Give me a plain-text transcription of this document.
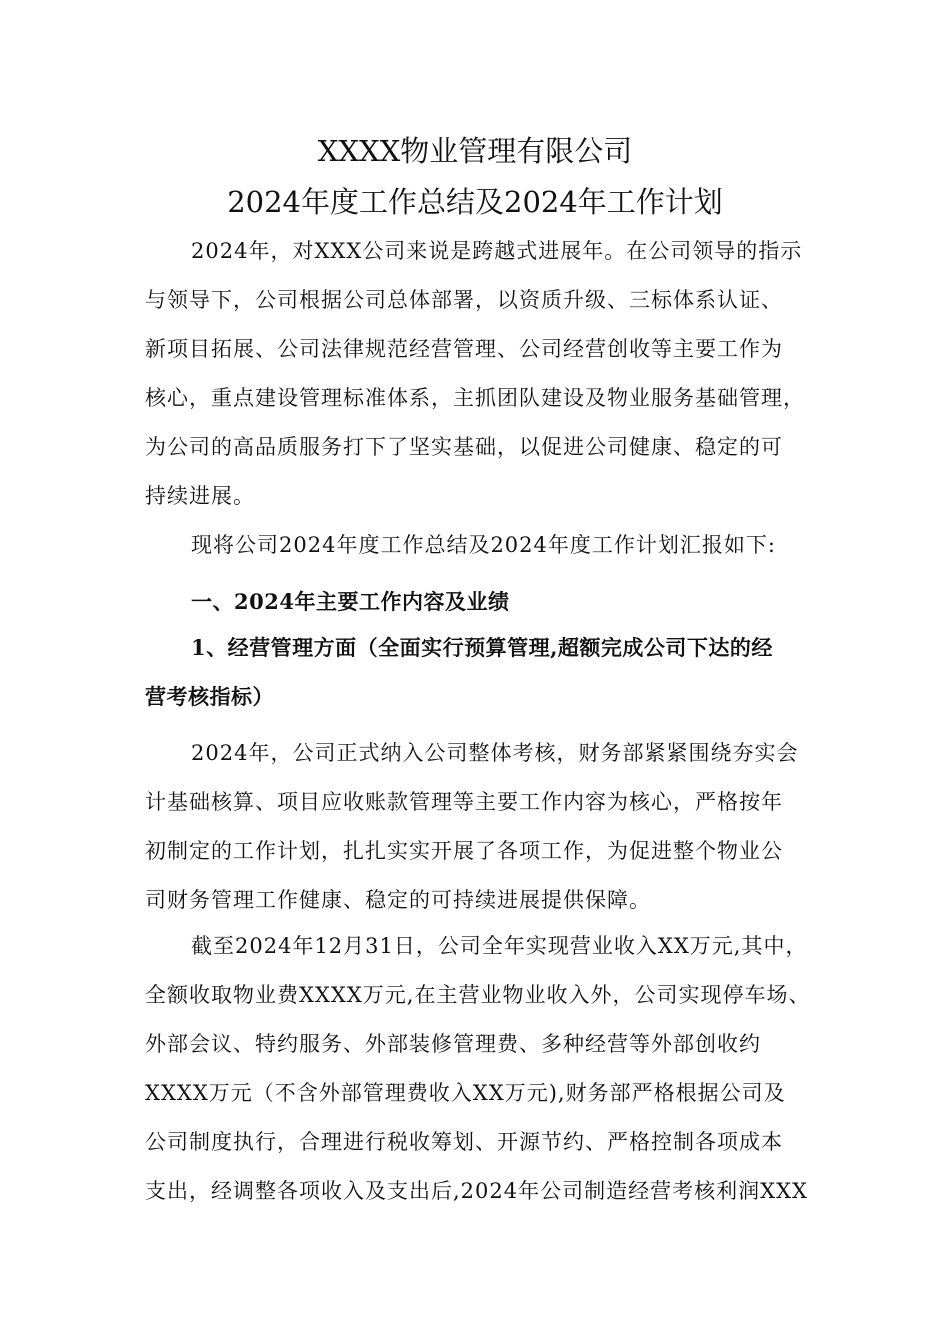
XXXX物业管理有限公司
2024年度工作总结及2024年工作计划
2024年，对XXX公司来说是跨越式进展年。在公司领导的指示
与领导下，公司根据公司总体部署，以资质升级、三标体系认证、
新项目拓展、公司法律规范经营管理、公司经营创收等主要工作为
核心，重点建设管理标准体系，主抓团队建设及物业服务基础管理，
为公司的高品质服务打下了坚实基础，以促进公司健康、稳定的可
持续进展。
现将公司2024年度工作总结及2024年度工作计划汇报如下:
一、2024年主要工作内容及业绩
1、经营管理方面（全面实行预算管理,超额完成公司下达的经
营考核指标）
2024年，公司正式纳入公司整体考核，财务部紧紧围绕夯实会
计基础核算、项目应收账款管理等主要工作内容为核心，严格按年
初制定的工作计划，扎扎实实开展了各项工作，为促进整个物业公
司财务管理工作健康、稳定的可持续进展提供保障。
截至2024年12月31日，公司全年实现营业收入XX万元,其中，
全额收取物业费XXXX万元,在主营业物业收入外，公司实现停车场、
外部会议、特约服务、外部装修管理费、多种经营等外部创收约
XXXX万元（不含外部管理费收入XX万元),财务部严格根据公司及
公司制度执行，合理进行税收筹划、开源节约、严格控制各项成本
支出，经调整各项收入及支出后,2024年公司制造经营考核利润XXX
